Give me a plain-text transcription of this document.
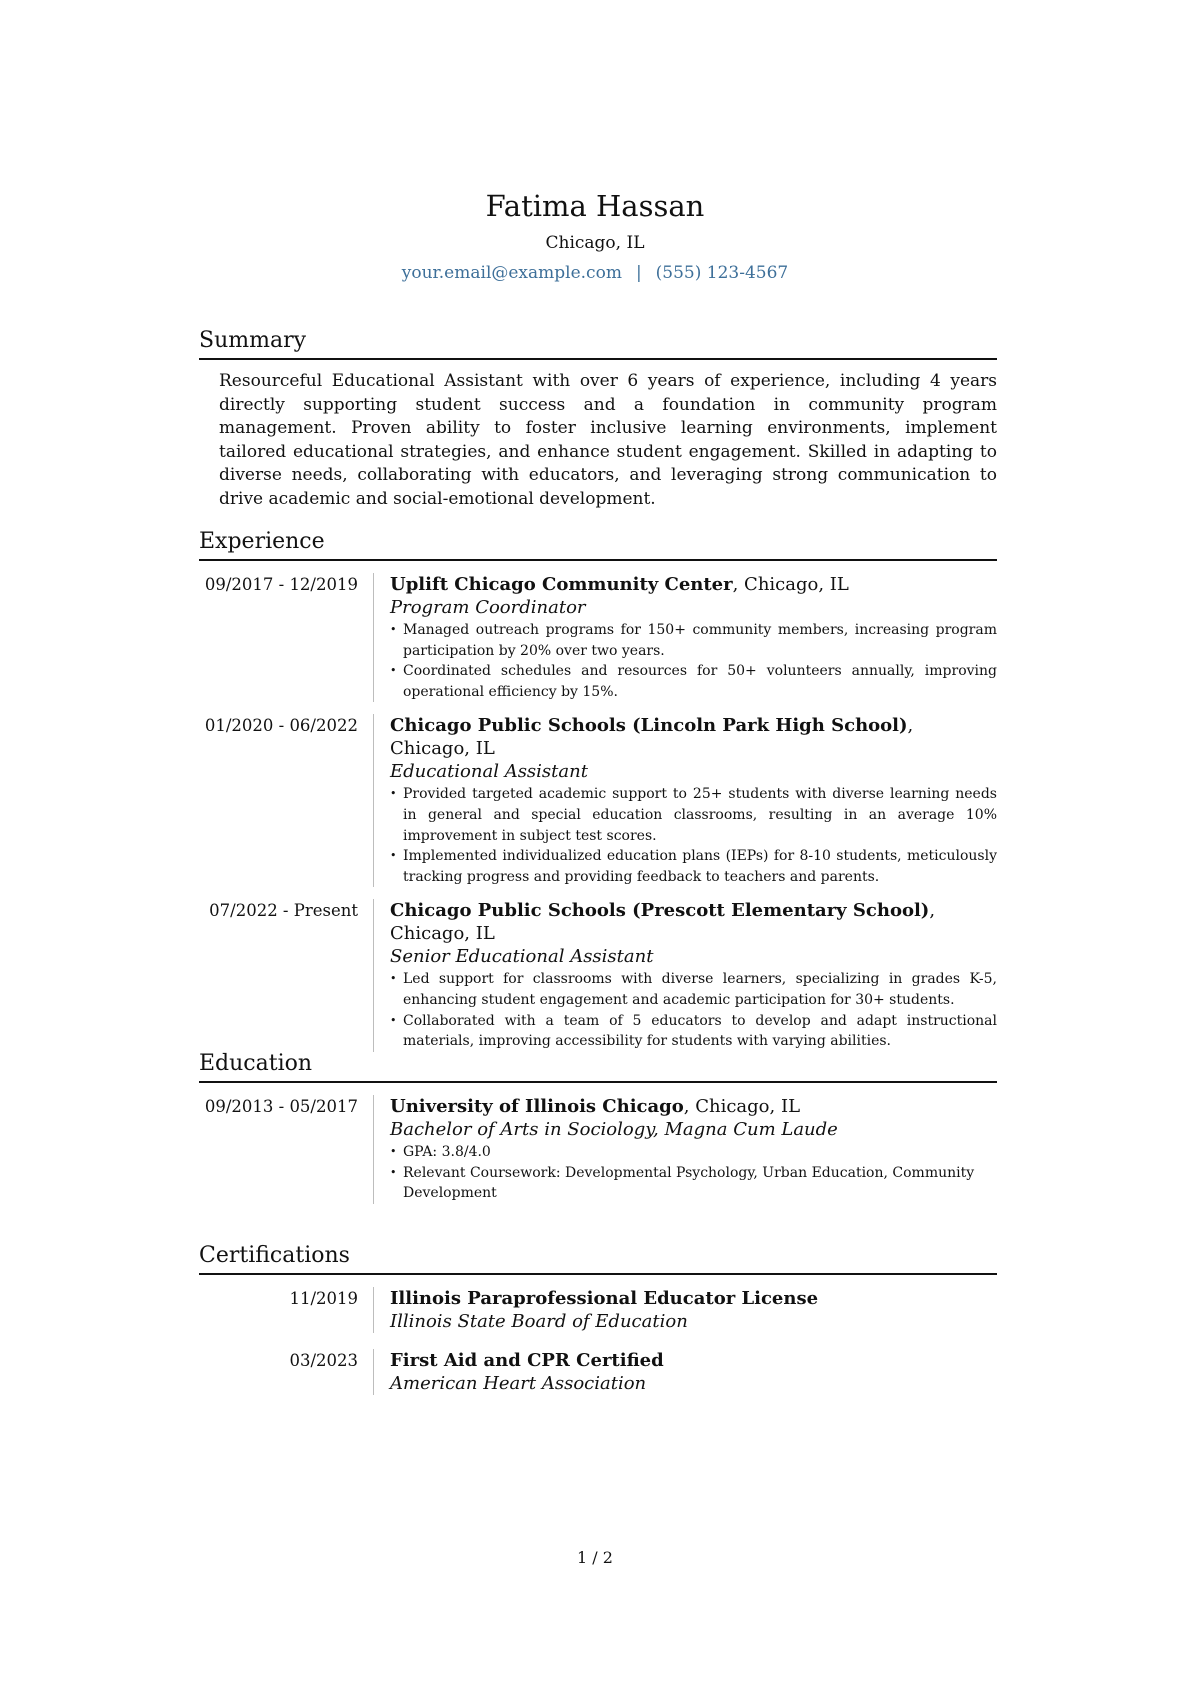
Fatima Hassan
Chicago, IL
your.email@example.com | (555) 123-4567
Summary

Resourceful Educational Assistant with over 6 years of experience, including 4 years directly supporting student success and a foundation in community program management. Proven ability to foster inclusive learning environments, implement tailored educational strategies, and enhance student engagement. Skilled in adapting to diverse needs, collaborating with educators, and leveraging strong communication to drive academic and social-emotional development.

Experience
09/2017 - 12/2019	Uplift Chicago Community Center, Chicago, IL
Program Coordinator
• Managed outreach programs for 150+ community members, increasing program participation by 20% over two years.
• Coordinated schedules and resources for 50+ volunteers annually, improving operational efficiency by 15%.
01/2020 - 06/2022	Chicago Public Schools (Lincoln Park High School), Chicago, IL
Educational Assistant
• Provided targeted academic support to 25+ students with diverse learning needs in general and special education classrooms, resulting in an average 10% improvement in subject test scores.
• Implemented individualized education plans (IEPs) for 8-10 students, meticulously tracking progress and providing feedback to teachers and parents.
07/2022 - Present	Chicago Public Schools (Prescott Elementary School), Chicago, IL
Senior Educational Assistant
• Led support for classrooms with diverse learners, specializing in grades K-5, enhancing student engagement and academic participation for 30+ students.
• Collaborated with a team of 5 educators to develop and adapt instructional materials, improving accessibility for students with varying abilities.
Education
09/2013 - 05/2017	University of Illinois Chicago, Chicago, IL
Bachelor of Arts in Sociology, Magna Cum Laude
• GPA: 3.8/4.0
• Relevant Coursework: Developmental Psychology, Urban Education, Community Development
Certifications
11/2019	Illinois Paraprofessional Educator License
Illinois State Board of Education
03/2023	First Aid and CPR Certified
American Heart Association
1 / 2
